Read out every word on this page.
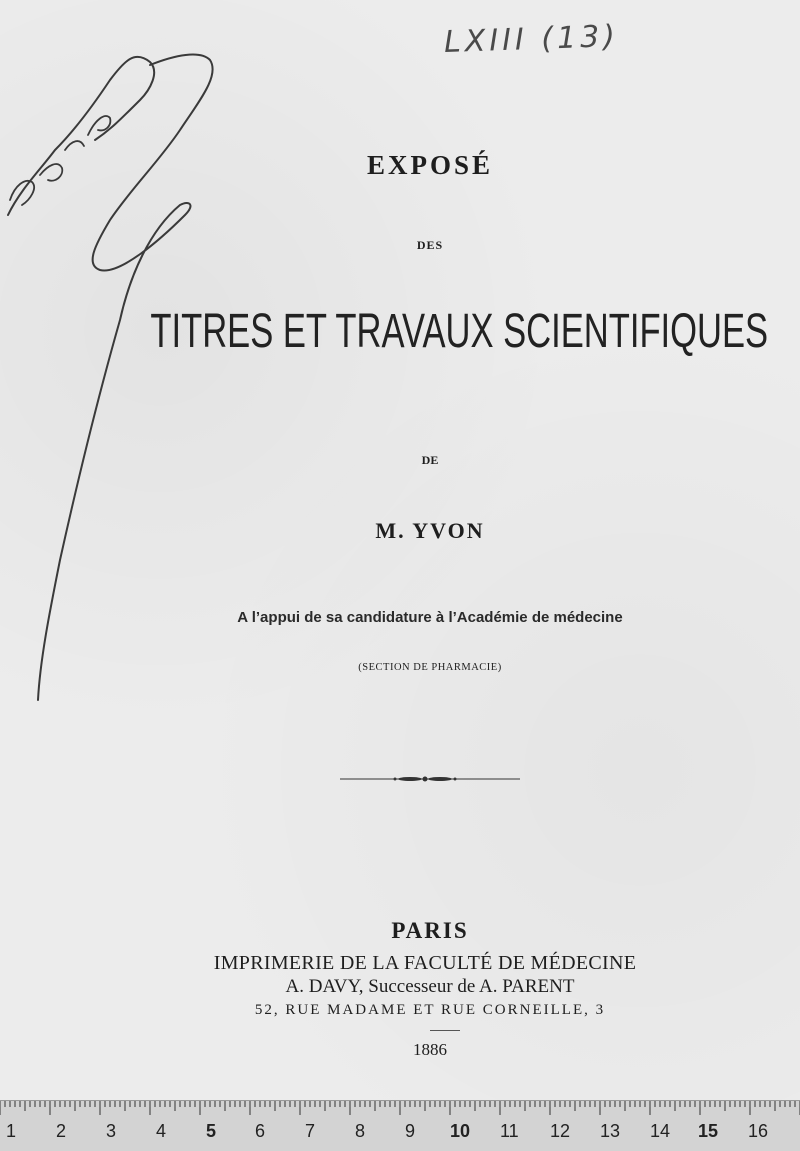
LXIII (13)
EXPOSÉ
DES
TITRES ET TRAVAUX SCIENTIFIQUES
DE
M. YVON
A l’appui de sa candidature à l’Académie de médecine
(SECTION DE PHARMACIE)
PARIS
IMPRIMERIE DE LA FACULTÉ DE MÉDECINE
A. DAVY, Successeur de A. PARENT
52, RUE MADAME ET RUE CORNEILLE, 3
1886
1 2 3 4 5 6 7 8 9 10 11 12 13 14 15 16
